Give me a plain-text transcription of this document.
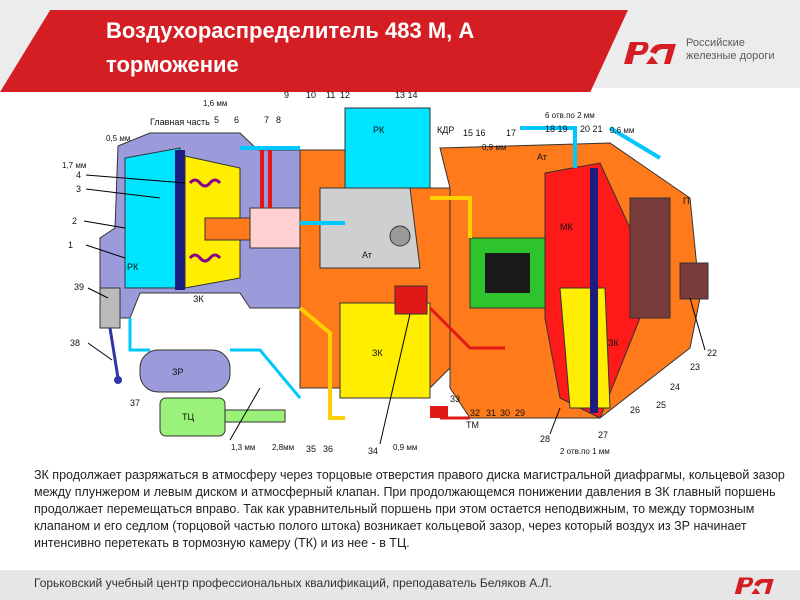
Воздухораспределитель 483 М, А
торможение
Российские
железные дороги
РК
РК
ЗК
ЗК
ЗК
ЗР
ТЦ
Ат
Ат
КДР
МК
П
ТМ
Главная часть
0,5 мм
1,6 мм
1,7 мм
0,9 мм
6 отв.по 2 мм
0,6 мм
1,3 мм 2,8мм	0,9 мм	2 отв.по 1 мм
1
2
3
4
5 6	7 8
9 10 11 12	13 14
15 16 17	18 19 20 21
22
23
24
25
26
27
28
29
30
31
32
33
34
35 36
37
38
39
ЗК продолжает разряжаться в атмосферу через торцовые отверстия правого диска магистральной диафрагмы, кольцевой зазор между плунжером и левым диском и атмосферный клапан. При продолжающемся понижении давления в ЗК главный поршень продолжает перемещаться вправо. Так как уравнительный поршень при этом остается неподвижным, то между тормозным клапаном и его седлом (торцовой частью полого штока) возникает кольцевой зазор, через который воздух из ЗР начинает интенсивно перетекать в тормозную камеру (ТК) и из нее - в ТЦ.
Горьковский учебный центр профессиональных квалификаций, преподаватель Беляков А.Л.
